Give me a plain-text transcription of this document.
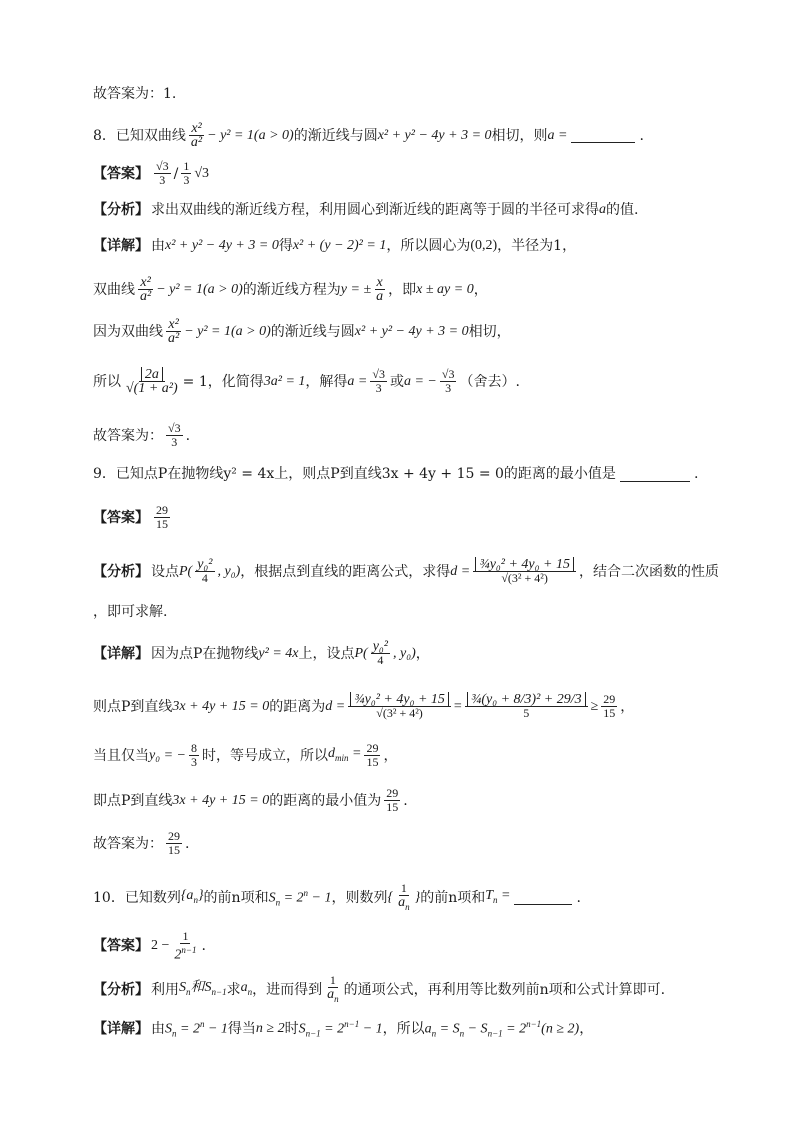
故答案为：1.
8．已知双曲线 $\frac{\text{x²}}{\text{a²}} - y^2 = 1(a > 0)$ 的渐近线与圆 x² + y² − 4y + 3 = 0 相切，则 a =	.
【答案】 $\frac{√3}{3} / \frac{1}{3} √3$
【分析】 求出双曲线的渐近线方程，利用圆心到渐近线的距离等于圆的半径可求得 a 的值.
【详解】 由 x² + y² − 4y + 3 = 0 得 x² + (y − 2)² = 1 ，所以圆心为 (0,2) ，半径为1，
双曲线 $\frac{\text{x²}}{\text{a²}} - y^2 = 1(a > 0)$ 的渐近线方程为 y = ± $\frac{x}{a}$ ，即 x ± ay = 0 ，
因为双曲线 $\frac{\text{x²}}{\text{a²}} - y^2 = 1(a > 0)$ 的渐近线与圆 x² + y² − 4y + 3 = 0 相切，
所以 $\frac{2a}{\text{√(1 + a²)}} = 1$，化简得 3a² = 1 ，解得 $a = \frac{√3}{3}$ 或 a = − $\frac{√3}{3}$ （舍去）.
故答案为： $\frac{√3}{3}$ .
9．已知点P在抛物线y² = 4x上，则点P到直线3x + 4y + 15 = 0的距离的最小值是	.
【答案】 $\frac{29}{15}$
【分析】 设点 $P( \frac{\text{y₀²}}{4}$ , y₀) ，根据点到直线的距离公式，求得 $d = \frac{\text{¾y₀² + 4y₀ + 15}}{\text{√(3² + 4²)}}$ ，结合二次函数的性质
，即可求解.
【详解】 因为点P在抛物线 y² = 4x 上，设点 $P( \frac{\text{y₀²}}{4}$ , y₀) ，
则点P到直线 3x + 4y + 15 = 0 的距离为 $d = \frac{\text{¾y₀² + 4y₀ + 15}}{\text{√(3² + 4²)}} = \frac{\text{¾(y₀ + 8/3)² + 29/3}}{5} \ge \frac{29}{15}$ ，
当且仅当 y₀ = − $\frac{8}{3}$ 时，等号成立，所以 $d_{min} = \frac{29}{15}$ ，
即点P到直线 3x + 4y + 15 = 0 的距离的最小值为 $\frac{29}{15}$ .
故答案为： $\frac{29}{15}$ .
10．已知数列 $\{a_n\}$ 的前n项和 $S_n = 2^n - 1$ ，则数列 { $\frac{1}{a_n}$ } 的前n项和 $T_n$ =	.
【答案】 $2 - \frac{1}{2^{n-1}}$ .
【分析】 利用 $S_n$和$S_{n-1}$ 求 $a_n$ ，进而得到 $\frac{1}{a_n}$ 的通项公式，再利用等比数列前n项和公式计算即可.
【详解】 由 $S_n = 2^n - 1$ 得当 n ≥ 2 时 $S_{n-1} = 2^{n-1} - 1$ ，所以 $a_n = S_n - S_{n-1} = 2^{n-1}(n \ge 2)$ ，
